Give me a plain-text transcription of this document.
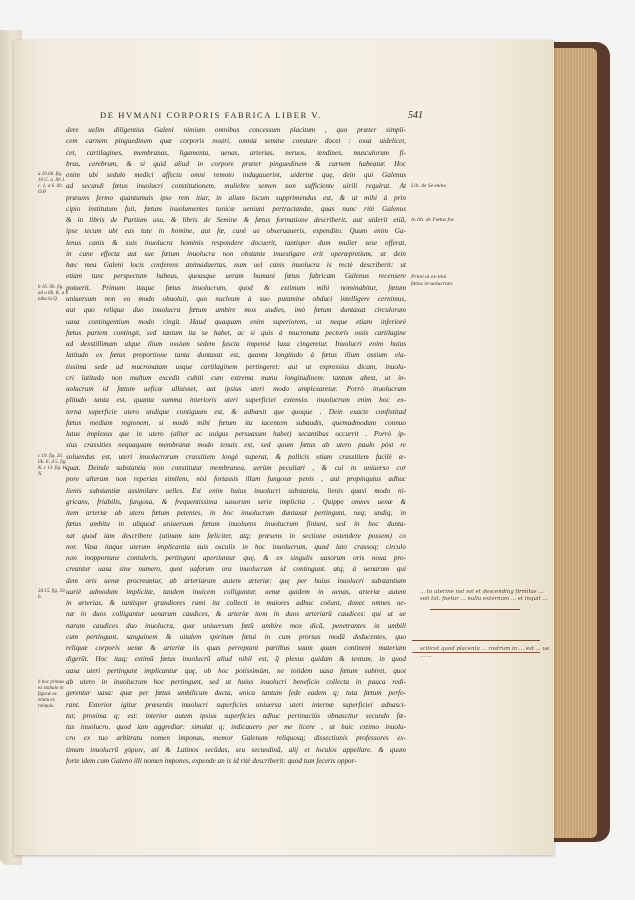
DE HVMANI CORPORIS FABRICA LIBER V.	541
dere uelim diligentius Galeni nimium omnibus concessum placitum , quo præter simpli-
cem carnem pinguedinem quæ corporis nostri, omnia semine constare docet : ossa uidelicet,
cet, cartilagines, membranas, ligamenta, uenas, arterias, neruos, tendines, musculorum fi-
bras, cerebrum, & si quid aliud in corpore præter pinguedinem & carnem habeatur. Hoc
enim ubi sedulo medici affectu omni remoto indagauerint, uiderint quę, dein qui Galenus
ad secundi fœtus inuolucri constitutionem, muliebre semen non sufficiente uirili requirat. At
præsens fermo quantumuis ipse rem itiar, in alium locum supprimendus est, & ut mihi à prin
cipio institutum fuit, fœtum inuolumentes tunicæ ueniunt pertractandæ, quas nunc ritè Galenus
& in libris de Partium usu, & libris de Semine & fœtus formatione describerit, aut uiderit etiā,
ipse tecum ubi eas tute in homine, aut fœ, canè ue obseruaueris, expendito. Quum enim Ga-
lenus canis & suis inuolucra hominis respondere docuerit, tantisper dum mulier sese offerat,
in cane effecta aut sue fœtum inuolucra non obstante inuestigare erit operæpretium, ut dein
hæc mea Galeni locis conferens animaduertas, num uel canis inuolucra is rectè describerit: ut
etiam tunc perspectum habeas, quousque ueram humani fœtus fabricam Galenus recensere
potuerit. Primum itaque fœtus inuolucrum, quod & extimum mihi nominabitur, fœtum
uniuersum non eo modo obuoluit, quo nucleum à suo putamine obduci intelligere cernimus,
aut quo reliqua duo inuolucra fœtum ambire mox audies, imò fœtum duntaxat circulorum
uasa contingentium modo cingit. Haud quaquam enim superiorem, ut neque etiam inferiorè
fœtus partem contingit, sed tantum ita se habet, ac si quis à mucronata pectoris ossis cartilagine
ad dexstillimam ulque ilium ossium sedem fascia impensè laxa cingeretur. Inuolucri enim huius
latitudo ex fœtus proportione tanta duntaxat est, quanta longitudo à fœtus ilium ossium ela-
tissima sede ad mucronatam usque cartilaginem pertingeret: aut ut expressius dicam, inuolu-
cri latitudo non multum excedit cubiti cum extrema manu longitudinem: tantum abest, ut in-
uolucrum id fœtum ueficæ alluisset, aut ipsius uteri modo amplexaretur. Porrò inuolucrum
plitudo tanta est, quanta summa interioris uteri superficiei extensio. inuolucrum enim hoc ex-
terna superficie utero undique contiguum est, & adhæsit que quoque . Dein exacte confistitad
fœtus mediam regionem, si modò mihi fœtum ita iacentem subaudis, quemadmodum connuo
lutus implexus que in utero (aliter ac uulgus persuasum habet) secantibus occurrit . Porrò ip-
sius crassities nequaquam membranæ modo tenuis est, sed quum fœtus ab utero paulo pòst re
soluendus est, uteri inuolucrorum crassitiem longè superat, & pollicis etiam crassitiem facilè æ-
quat. Deinde substantia non constitutur membranea, uerùm peculiari , & cui in uniuerso cor
pore alteram non reperias similem, nisi fortassis illam fungosæ penis , aut propinquius adhuc
lienis substantiæ assimilare uelles. Est enim huius inuolucri substantia, lienis quasi modo ni-
gricans, friabilis, fungosa, & frequentissima uasorum serie implicita . Quippe omnes uenæ &
item arteriæ ab utero fœtum petentes, in hoc inuolucrum duntaxat pertingunt, neq; undiq; in
fœtus ambitu in aliquod uniuersum fœtum inuoluens inuolucrum finiunt, sed in hoc dunta-
xat quod iam describere (utinam tam fœliciter, atq; præsens in sectione ostendere possem) co
nor. Vasa itaque uterum implicantia suis osculis in hoc inuolucrum, quod lato crassoq; circulo
non inopportune contuleris, pertingunt apertiuntur quę, & ex singulis uasorum oris noua pro-
creantur uasa sine numero, quot uaforum ora inuolucrum id contingunt. atq; à uenarum qui
dem oris uenæ procreantur, ab arteriarum autem arteriæ: quę per huius inuolucri substantiam
uariè admodum implicitæ, tandem inuicem colliguntur, uenæ quidem in uenas, arteriæ autem
in arterias, & tantisper grandiores rami ita collecti in maiores adhuc coëunt, donec omnes ue-
næ in duos colligantur uenarum caudices, & arteriæ item in duos arteriarū caudices: qui ut ue
narum caudices duo inuolucra, quæ uniuersum fœtū ambire mox dicā, penetrantes in umbili
cum pertingunt, sanguinem & uitalem spiritum fœtui in cum prorsus modū deducentes, quo
reliquæ corporis uenæ & arteriæ iis quas perreptant partibus suam quam continent materiam
digerūt. Hoc itaq; extimū fœtus inuolucrū aliud nihil est, q̄ plexus quidam & textum, in quod
uasa uteri pertingunt implicantur quę, ob hoc potissimùm, ne totidem uasa fœtum subiret, quot
ab utero in inuolucrum hoc pertingunt, sed ut huius inuolucri beneficio collecta in pauca redi-
gerentur uasa: quæ per fœtus umbilicum ducta, unica tantum fede eadem q; tuta fœtum perfo-
rant. Exterior igitur præsentis inuolucri superficies uniuersa uteri internæ superficiei adnasci-
tur, proxima q; est: interior autem ipsius superficies adhuc pertinaciùs obnascitur secundo fœ-
tus inuolucro, quod iam aggrediar: simulat q; indicauero per me licere , ut huic extimo inuolu-
cro ex tuo arbitratu nomen imponas, memor Galenum reliquosq; dissectionis professores ex-
timum inuolucrū χόριον, uti & Latinos secūdas, seu secundinā, alij et loculos appellare. & quum
forte idem cum Galeno illi nomen impones, expende an is id ritè describerit: quod tum feceris oppor-
a 10.lib. fig. 10 G. a. lib 1. c. 1. a 6. lib. O.P.
b 16. lib. fig. ad a lib. K. a 4 tabu la Q.
c 19. fig. 26. lib. E. d 5. fig. K. c 13. fig. H. N.
34.15. fig. 20. b.
h hoc primus ex stabulo in figuræ ex etiam ex reliquis.
Lib. de Se-mine.
In lib. de Fœtus for.
Primi ut ex-timi fœtus in-uolucrum.
... to uterine not sol et descending firmitas ... soli tat. foetur ... nullu externum ... et inquit ...
scilicet quod placenta ... rostrum in ... est ... ue ... ...
